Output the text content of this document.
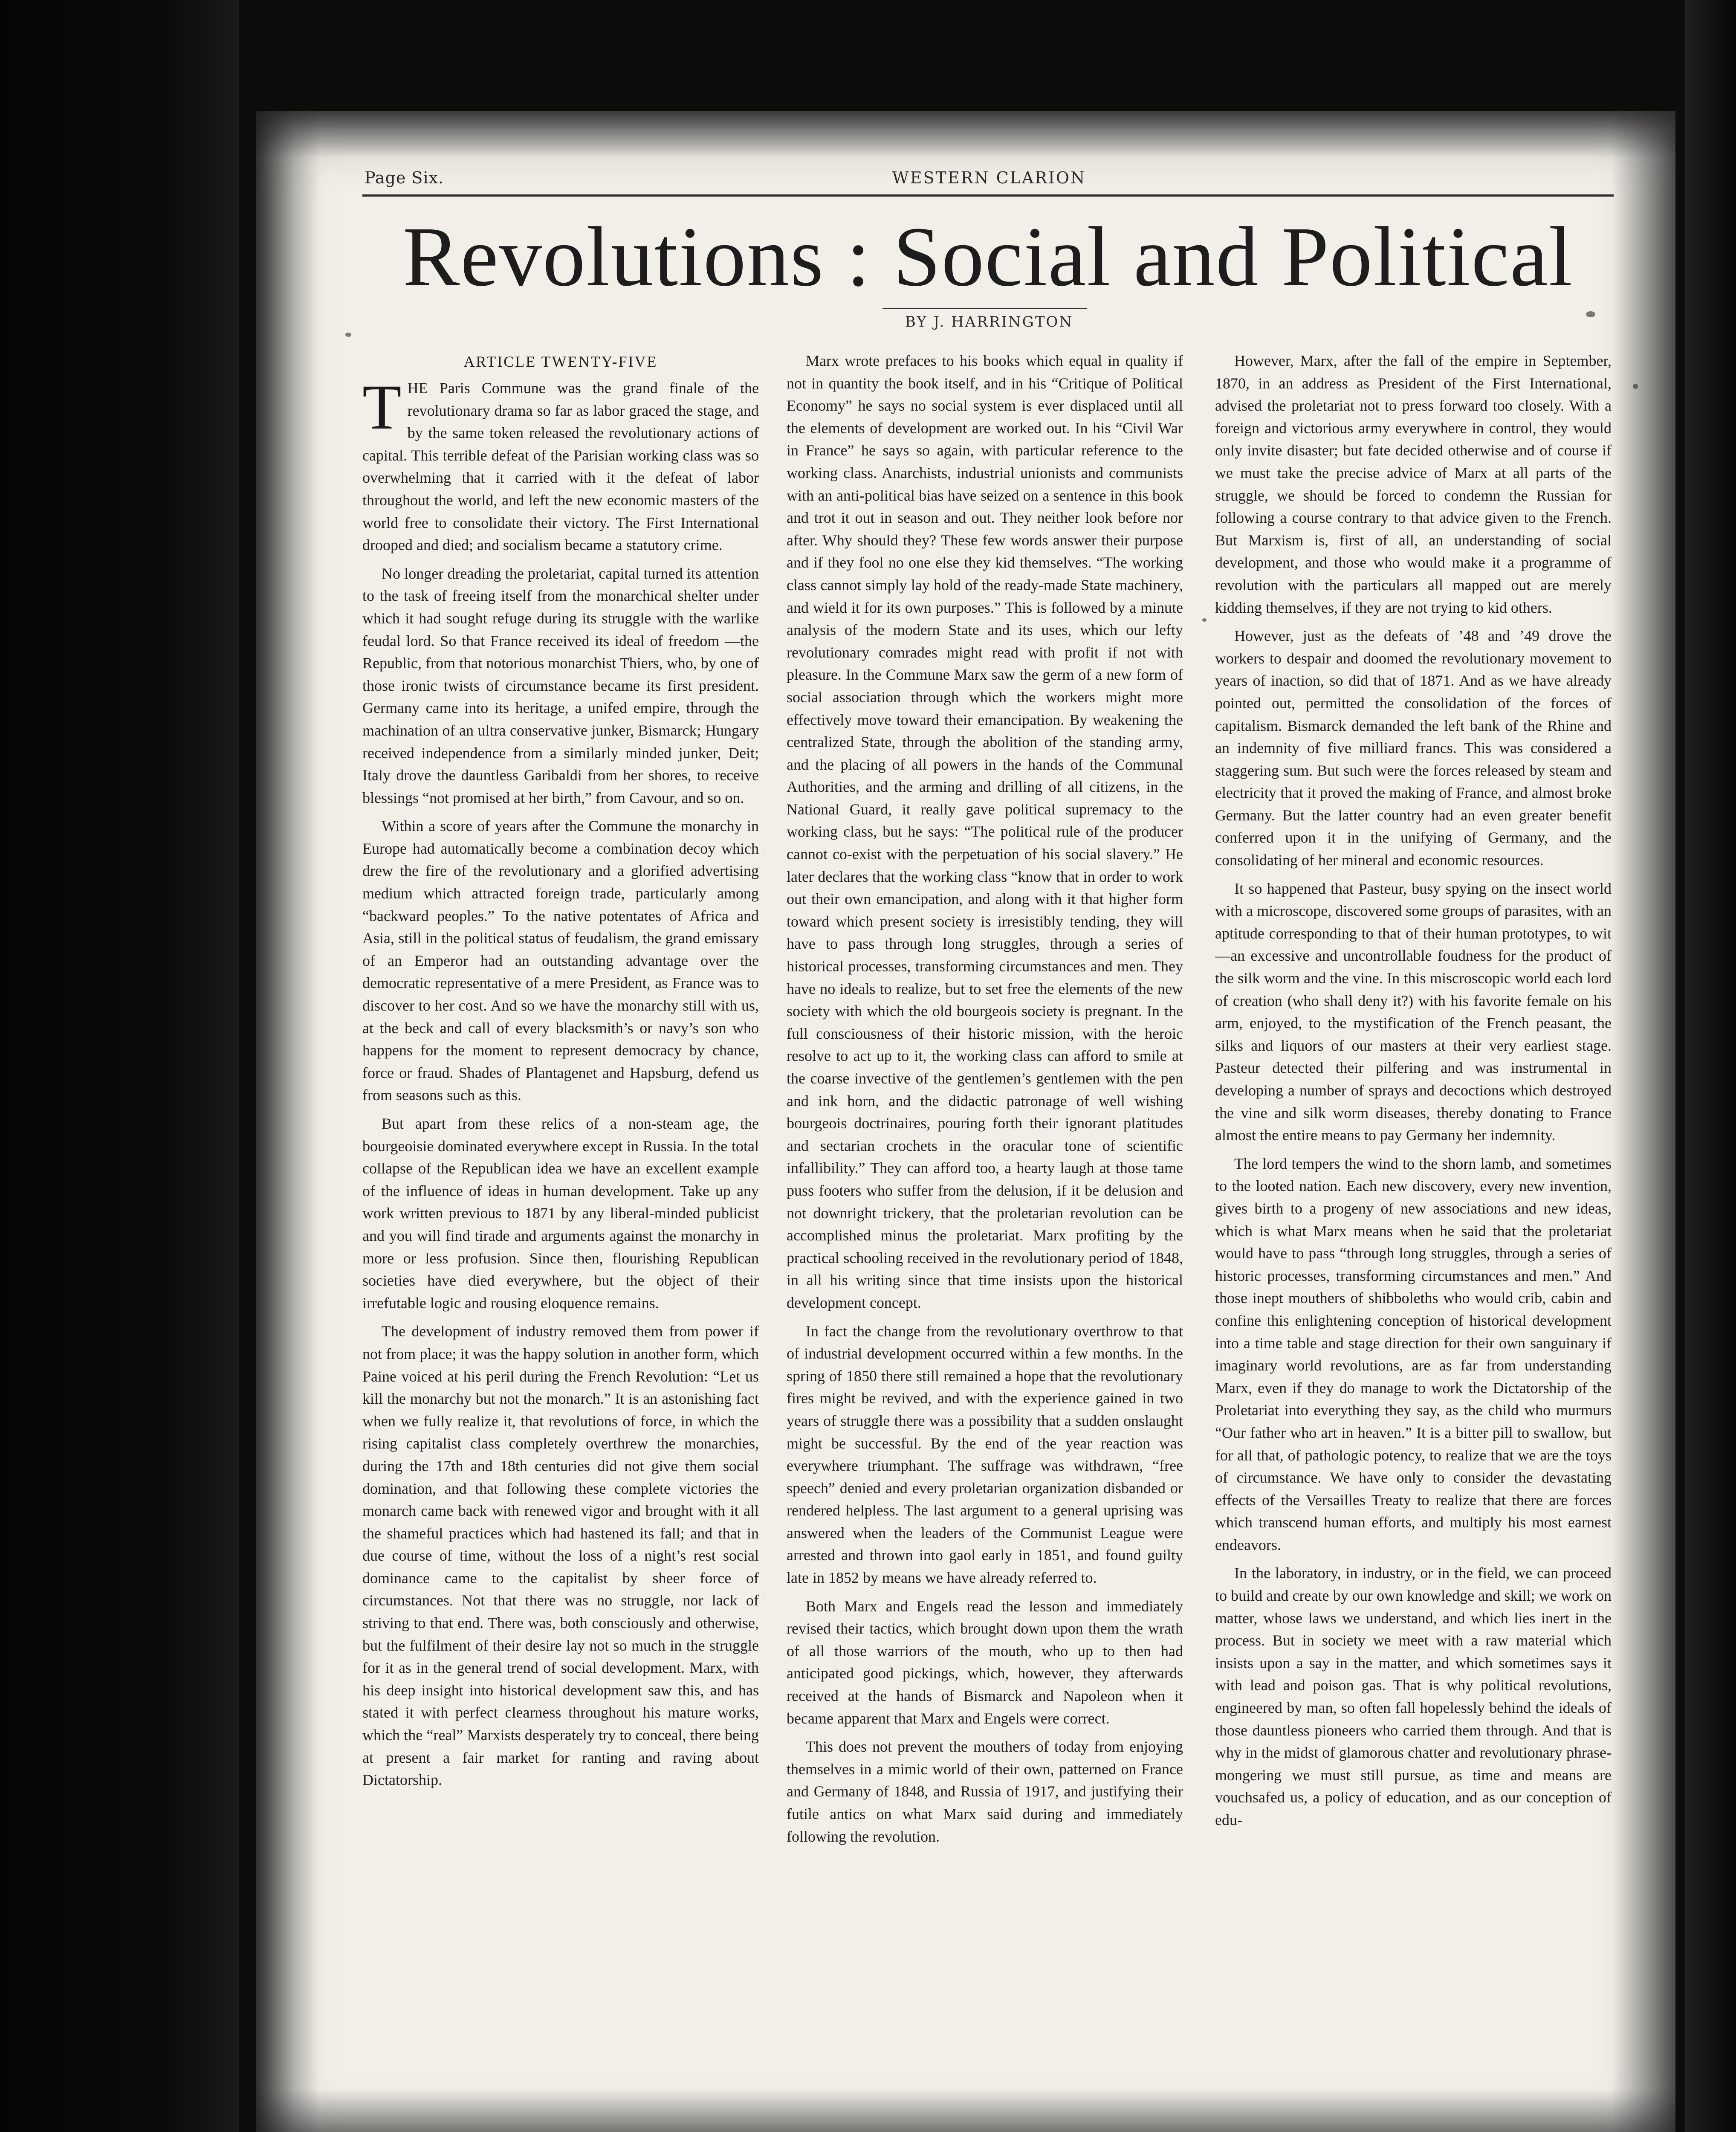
Page Six.	WESTERN CLARION
Revolutions : Social and Political
BY J. HARRINGTON
ARTICLE TWENTY-FIVE

THE Paris Commune was the grand finale of the revolutionary drama so far as labor graced the stage, and by the same token released the revolutionary actions of capital. This terrible defeat of the Parisian working class was so overwhelming that it carried with it the defeat of labor throughout the world, and left the new economic masters of the world free to consolidate their victory. The First International drooped and died; and socialism became a statutory crime.

No longer dreading the proletariat, capital turned its attention to the task of freeing itself from the monarchical shelter under which it had sought refuge during its struggle with the warlike feudal lord. So that France received its ideal of freedom —the Republic, from that notorious monarchist Thiers, who, by one of those ironic twists of circumstance became its first president. Germany came into its heritage, a unifed empire, through the machination of an ultra conservative junker, Bismarck; Hungary received independence from a similarly minded junker, Deit; Italy drove the dauntless Garibaldi from her shores, to receive blessings “not promised at her birth,” from Cavour, and so on.

Within a score of years after the Commune the monarchy in Europe had automatically become a combination decoy which drew the fire of the revolutionary and a glorified advertising medium which attracted foreign trade, particularly among “backward peoples.” To the native potentates of Africa and Asia, still in the political status of feudalism, the grand emissary of an Emperor had an outstanding advantage over the democratic representative of a mere President, as France was to discover to her cost. And so we have the monarchy still with us, at the beck and call of every blacksmith’s or navy’s son who happens for the moment to represent democracy by chance, force or fraud. Shades of Plantagenet and Hapsburg, defend us from seasons such as this.

But apart from these relics of a non-steam age, the bourgeoisie dominated everywhere except in Russia. In the total collapse of the Republican idea we have an excellent example of the influence of ideas in human development. Take up any work written previous to 1871 by any liberal-minded publicist and you will find tirade and arguments against the monarchy in more or less profusion. Since then, flourishing Republican societies have died everywhere, but the object of their irrefutable logic and rousing eloquence remains.

The development of industry removed them from power if not from place; it was the happy solution in another form, which Paine voiced at his peril during the French Revolution: “Let us kill the monarchy but not the monarch.” It is an astonishing fact when we fully realize it, that revolutions of force, in which the rising capitalist class completely overthrew the monarchies, during the 17th and 18th centuries did not give them social domination, and that following these complete victories the monarch came back with renewed vigor and brought with it all the shameful practices which had hastened its fall; and that in due course of time, without the loss of a night’s rest social dominance came to the capitalist by sheer force of circumstances. Not that there was no struggle, nor lack of striving to that end. There was, both consciously and otherwise, but the fulfilment of their desire lay not so much in the struggle for it as in the general trend of social development. Marx, with his deep insight into historical development saw this, and has stated it with perfect clearness throughout his mature works, which the “real” Marxists desperately try to conceal, there being at present a fair market for ranting and raving about Dictatorship.

Marx wrote prefaces to his books which equal in quality if not in quantity the book itself, and in his “Critique of Political Economy” he says no social system is ever displaced until all the elements of development are worked out. In his “Civil War in France” he says so again, with particular reference to the working class. Anarchists, industrial unionists and communists with an anti-political bias have seized on a sentence in this book and trot it out in season and out. They neither look before nor after. Why should they? These few words answer their purpose and if they fool no one else they kid themselves. “The working class cannot simply lay hold of the ready-made State machinery, and wield it for its own purposes.” This is followed by a minute analysis of the modern State and its uses, which our lefty revolutionary comrades might read with profit if not with pleasure. In the Commune Marx saw the germ of a new form of social association through which the workers might more effectively move toward their emancipation. By weakening the centralized State, through the abolition of the standing army, and the placing of all powers in the hands of the Communal Authorities, and the arming and drilling of all citizens, in the National Guard, it really gave political supremacy to the working class, but he says: “The political rule of the producer cannot co-exist with the perpetuation of his social slavery.” He later declares that the working class “know that in order to work out their own emancipation, and along with it that higher form toward which present society is irresistibly tending, they will have to pass through long struggles, through a series of historical processes, transforming circumstances and men. They have no ideals to realize, but to set free the elements of the new society with which the old bourgeois society is pregnant. In the full consciousness of their historic mission, with the heroic resolve to act up to it, the working class can afford to smile at the coarse invective of the gentlemen’s gentlemen with the pen and ink horn, and the didactic patronage of well wishing bourgeois doctrinaires, pouring forth their ignorant platitudes and sectarian crochets in the oracular tone of scientific infallibility.” They can afford too, a hearty laugh at those tame puss footers who suffer from the delusion, if it be delusion and not downright trickery, that the proletarian revolution can be accomplished minus the proletariat. Marx profiting by the practical schooling received in the revolutionary period of 1848, in all his writing since that time insists upon the historical development concept.

In fact the change from the revolutionary overthrow to that of industrial development occurred within a few months. In the spring of 1850 there still remained a hope that the revolutionary fires might be revived, and with the experience gained in two years of struggle there was a possibility that a sudden onslaught might be successful. By the end of the year reaction was everywhere triumphant. The suffrage was withdrawn, “free speech” denied and every proletarian organization disbanded or rendered helpless. The last argument to a general uprising was answered when the leaders of the Communist League were arrested and thrown into gaol early in 1851, and found guilty late in 1852 by means we have already referred to.

Both Marx and Engels read the lesson and immediately revised their tactics, which brought down upon them the wrath of all those warriors of the mouth, who up to then had anticipated good pickings, which, however, they afterwards received at the hands of Bismarck and Napoleon when it became apparent that Marx and Engels were correct.

This does not prevent the mouthers of today from enjoying themselves in a mimic world of their own, patterned on France and Germany of 1848, and Russia of 1917, and justifying their futile antics on what Marx said during and immediately following the revolution.

However, Marx, after the fall of the empire in September, 1870, in an address as President of the First International, advised the proletariat not to press forward too closely. With a foreign and victorious army everywhere in control, they would only invite disaster; but fate decided otherwise and of course if we must take the precise advice of Marx at all parts of the struggle, we should be forced to condemn the Russian for following a course contrary to that advice given to the French. But Marxism is, first of all, an understanding of social development, and those who would make it a programme of revolution with the particulars all mapped out are merely kidding themselves, if they are not trying to kid others.

However, just as the defeats of ’48 and ’49 drove the workers to despair and doomed the revolutionary movement to years of inaction, so did that of 1871. And as we have already pointed out, permitted the consolidation of the forces of capitalism. Bismarck demanded the left bank of the Rhine and an indemnity of five milliard francs. This was considered a staggering sum. But such were the forces released by steam and electricity that it proved the making of France, and almost broke Germany. But the latter country had an even greater benefit conferred upon it in the unifying of Germany, and the consolidating of her mineral and economic resources.

It so happened that Pasteur, busy spying on the insect world with a microscope, discovered some groups of parasites, with an aptitude corresponding to that of their human prototypes, to wit—an excessive and uncontrollable foudness for the product of the silk worm and the vine. In this miscroscopic world each lord of creation (who shall deny it?) with his favorite female on his arm, enjoyed, to the mystification of the French peasant, the silks and liquors of our masters at their very earliest stage. Pasteur detected their pilfering and was instrumental in developing a number of sprays and decoctions which destroyed the vine and silk worm diseases, thereby donating to France almost the entire means to pay Germany her indemnity.

The lord tempers the wind to the shorn lamb, and sometimes to the looted nation. Each new discovery, every new invention, gives birth to a progeny of new associations and new ideas, which is what Marx means when he said that the proletariat would have to pass “through long struggles, through a series of historic processes, transforming circumstances and men.” And those inept mouthers of shibboleths who would crib, cabin and confine this enlightening conception of historical development into a time table and stage direction for their own sanguinary if imaginary world revolutions, are as far from understanding Marx, even if they do manage to work the Dictatorship of the Proletariat into everything they say, as the child who murmurs “Our father who art in heaven.” It is a bitter pill to swallow, but for all that, of pathologic potency, to realize that we are the toys of circumstance. We have only to consider the devastating effects of the Versailles Treaty to realize that there are forces which transcend human efforts, and multiply his most earnest endeavors.

In the laboratory, in industry, or in the field, we can proceed to build and create by our own knowledge and skill; we work on matter, whose laws we understand, and which lies inert in the process. But in society we meet with a raw material which insists upon a say in the matter, and which sometimes says it with lead and poison gas. That is why political revolutions, engineered by man, so often fall hopelessly behind the ideals of those dauntless pioneers who carried them through. And that is why in the midst of glamorous chatter and revolutionary phrase-mongering we must still pursue, as time and means are vouchsafed us, a policy of education, and as our conception of edu-
